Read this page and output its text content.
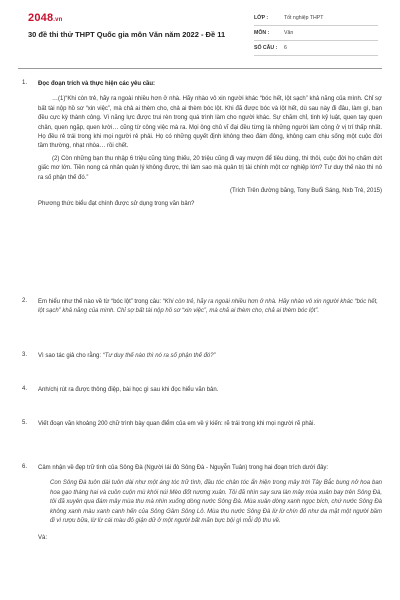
2048.vn
30 đề thi thử THPT Quốc gia môn Văn năm 2022 - Đề 11
LỚP :	Tốt nghiệp THPT
MÔN :	Văn
SỐ CÂU :	6
1. Đọc đoạn trích và thực hiện các yêu cầu:
…(1)“Khi còn trẻ, hãy ra ngoài nhiều hơn ở nhà. Hãy nhào vô xin người khác “bóc hết, lột sạch” khả năng của mình. Chỉ sợ bất tài nộp hồ sơ “xin việc”, mà chả ai thèm cho, chả ai thèm bóc lột. Khi đã được bóc và lột hết, dù sau này đi đâu, làm gì, bạn đều cực kỳ thành công. Vì năng lực được trui rèn trong quá trình làm cho người khác. Sự chăm chỉ, tinh kỷ luật, quen tay quen chân, quen ngặp, quen lười… cũng từ công việc mà ra. Mọi ông chủ vĩ đại đều từng là những người làm công ở vị trí thấp nhất. Họ đều rẻ trái trong khi mọi người rẻ phải. Họ có những quyết định không theo đám đông, không cam chịu sống một cuộc đời tầm thường, nhạt nhòa… rồi chết.
(2) Còn những bạn thu nhập 6 triệu cũng túng thiếu, 20 triệu cũng đi vay mượn để tiêu dùng, thì thôi, cuộc đời họ chấm dứt giấc mơ lớn. Tiền nong cá nhân quản lý không được, thì làm sao mà quản trị tài chính một cơ nghiệp lớn? Tư duy thế nào thì nó ra số phận thế đó.”
(Trích Trên đường băng, Tony Buổi Sáng, Nxb Trẻ, 2015)
Phương thức biểu đạt chính được sử dụng trong văn bản?
2. Em hiểu như thế nào về từ “bóc lột” trong câu: “Khi còn trẻ, hãy ra ngoài nhiều hơn ở nhà. Hãy nhào vô xin người khác “bóc hết, lột sạch” khả năng của mình. Chỉ sợ bất tài nộp hồ sơ “xin việc”, mà chả ai thèm cho, chả ai thèm bóc lột”.
3. Vì sao tác giả cho rằng: “Tư duy thế nào thì nó ra số phận thế đó?”
4. Anh/chị rút ra được thông điệp, bài học gì sau khi đọc hiểu văn bản.
5. Viết đoạn văn khoảng 200 chữ trình bày quan điểm của em về ý kiến: rẽ trái trong khi mọi người rẽ phải.
6. Cảm nhận về đẹp trữ tình của Sông Đà (Người lái đò Sông Đà - Nguyễn Tuân) trong hai đoạn trích dưới đây:
Con Sông Đà tuôn dài tuôn dài như một áng tóc trữ tình, đầu tóc chân tóc ẩn hiện trong mây trời Tây Bắc bung nở hoa ban hoa gạo tháng hai và cuồn cuộn mù khói núi Mèo đốt nương xuân. Tôi đã nhìn say sưa làn mây mùa xuân bay trên Sông Đà, tôi đã xuyên qua đám mây mùa thu mà nhìn xuống dòng nước Sông Đà. Mùa xuân dòng xanh ngọc bích, chứ nước Sông Đà không xanh màu xanh canh hến của Sông Gâm Sông Lô. Mùa thu nước Sông Đà lừ lừ chín đỏ như da mặt một người bầm đi vì rượu bữa, lừ lừ cái màu đỏ giận dữ ở một người bất mãn bực bội gì mỗi độ thu về.
Và:
